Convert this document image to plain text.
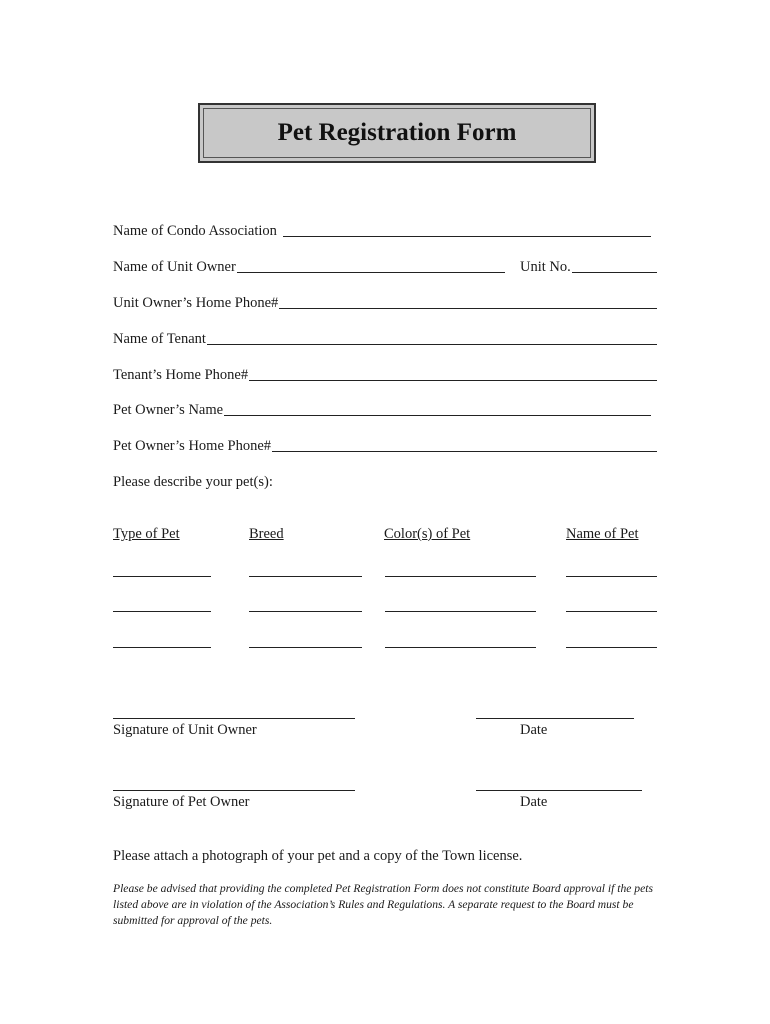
Pet Registration Form
Name of Condo Association
Name of Unit Owner	Unit No.
Unit Owner’s Home Phone#
Name of Tenant
Tenant’s Home Phone#
Pet Owner’s Name
Pet Owner’s Home Phone#
Please describe your pet(s):
Type of Pet	Breed	Color(s) of Pet	Name of Pet
Signature of Unit Owner	Date
Signature of Pet Owner	Date
Please attach a photograph of your pet and a copy of the Town license.
Please be advised that providing the completed Pet Registration Form does not constitute Board approval if the pets listed above are in violation of the Association’s Rules and Regulations. A separate request to the Board must be submitted for approval of the pets.
